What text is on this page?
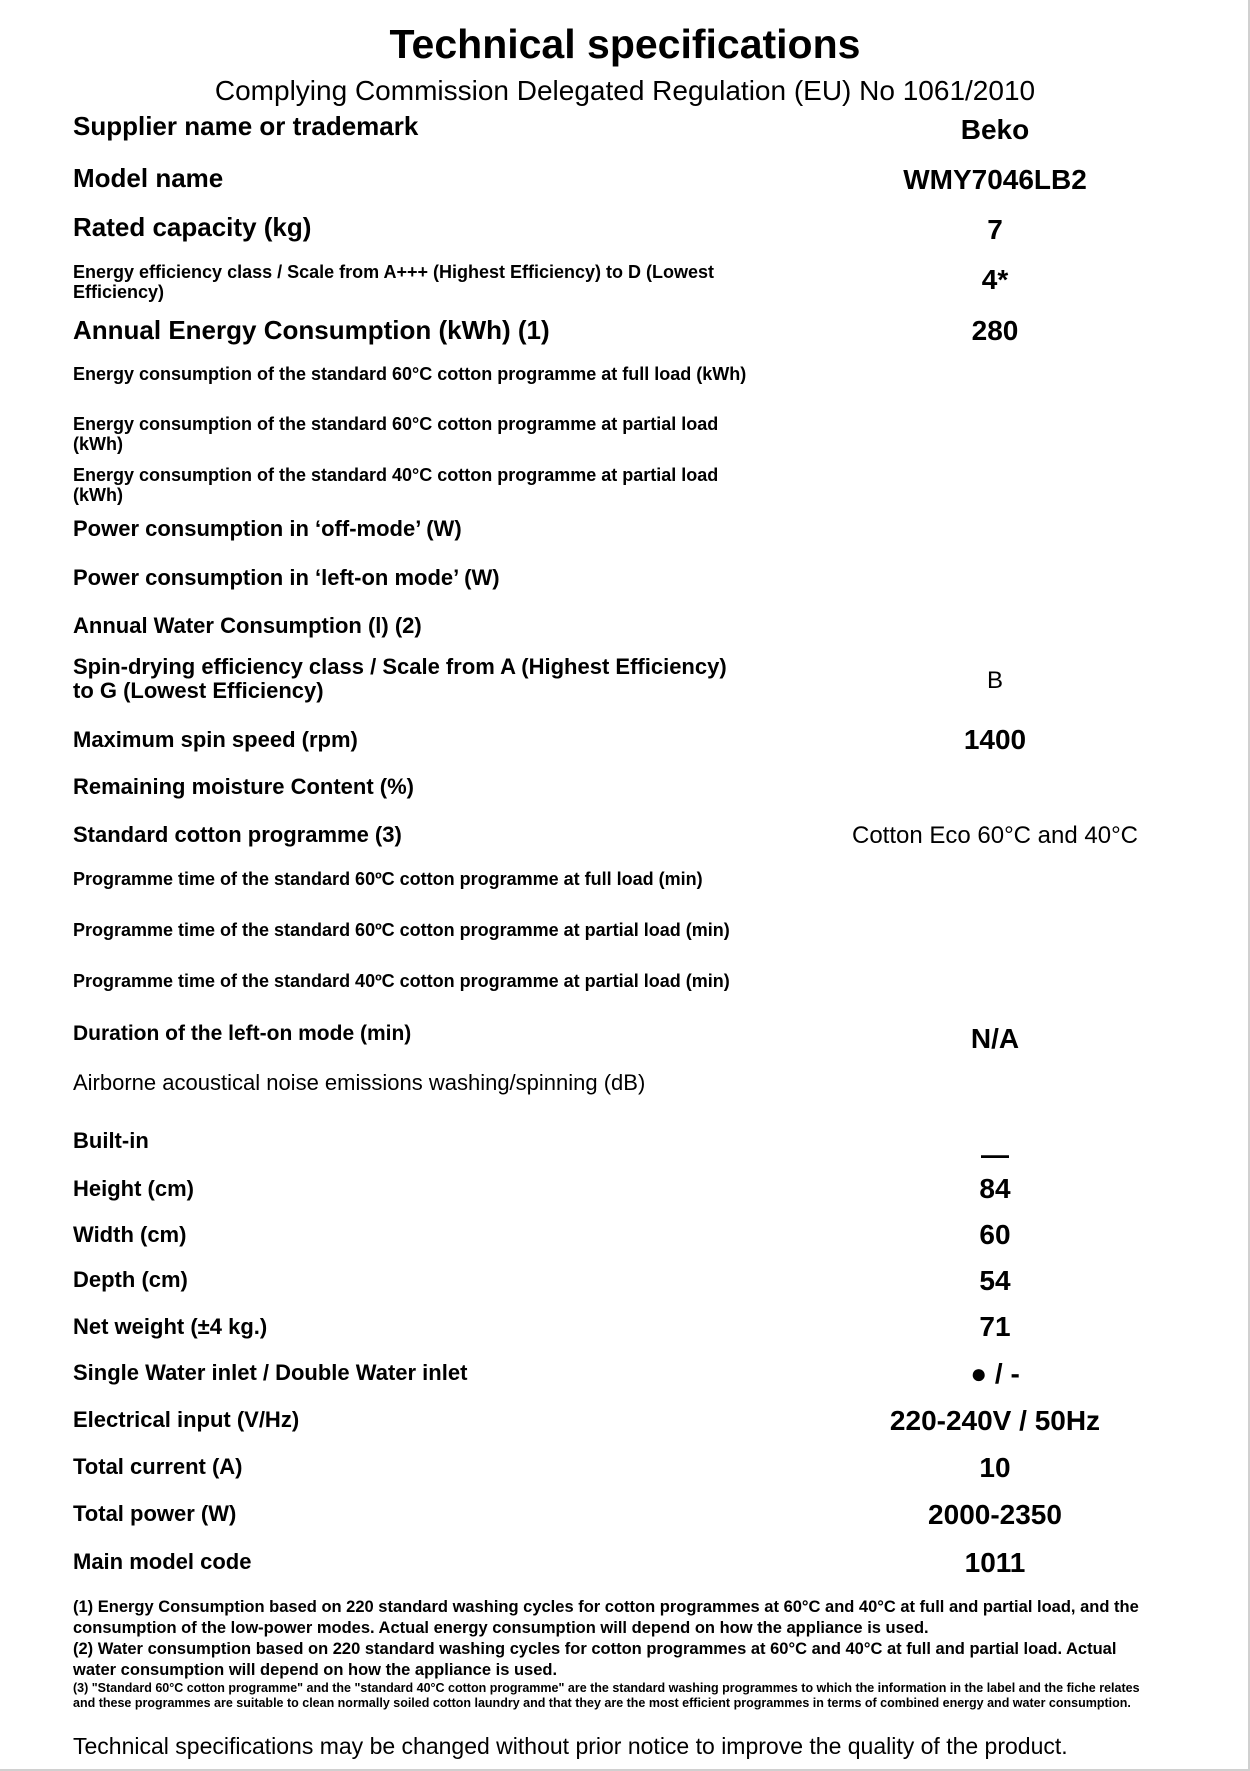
Technical specifications
Complying Commission Delegated Regulation (EU) No 1061/2010
Supplier name or trademark	Beko
Model name	WMY7046LB2
Rated capacity (kg)	7
Energy efficiency class / Scale from A+++ (Highest Efficiency) to D (Lowest Efficiency)	4*
Annual Energy Consumption (kWh) (1)	280
Energy consumption of the standard 60°C cotton programme at full load (kWh)
Energy consumption of the standard 60°C cotton programme at partial load (kWh)
Energy consumption of the standard 40°C cotton programme at partial load (kWh)
Power consumption in ‘off-mode’ (W)
Power consumption in ‘left-on mode’ (W)
Annual Water Consumption (l) (2)
Spin-drying efficiency class / Scale from A (Highest Efficiency) to G (Lowest Efficiency)	B
Maximum spin speed (rpm)	1400
Remaining moisture Content (%)
Standard cotton programme (3)	Cotton Eco 60°C and 40°C
Programme time of the standard 60ºC cotton programme at full load (min)
Programme time of the standard 60ºC cotton programme at partial load (min)
Programme time of the standard 40ºC cotton programme at partial load (min)
Duration of the left-on mode (min)	N/A
Airborne acoustical noise emissions washing/spinning (dB)
Built-in	—
Height (cm)	84
Width (cm)	60
Depth (cm)	54
Net weight (±4 kg.)	71
Single Water inlet / Double Water inlet	● / -
Electrical input (V/Hz)	220-240V / 50Hz
Total current (A)	10
Total power (W)	2000-2350
Main model code	1011
(1) Energy Consumption based on 220 standard washing cycles for cotton programmes at 60°C and 40°C at full and partial load, and the consumption of the low-power modes. Actual energy consumption will depend on how the appliance is used.
(2) Water consumption based on 220 standard washing cycles for cotton programmes at 60°C and 40°C at full and partial load. Actual water consumption will depend on how the appliance is used.
(3) "Standard 60°C cotton programme" and the "standard 40°C cotton programme" are the standard washing programmes to which the information in the label and the fiche relates and these programmes are suitable to clean normally soiled cotton laundry and that they are the most efficient programmes in terms of combined energy and water consumption.
Technical specifications may be changed without prior notice to improve the quality of the product.
